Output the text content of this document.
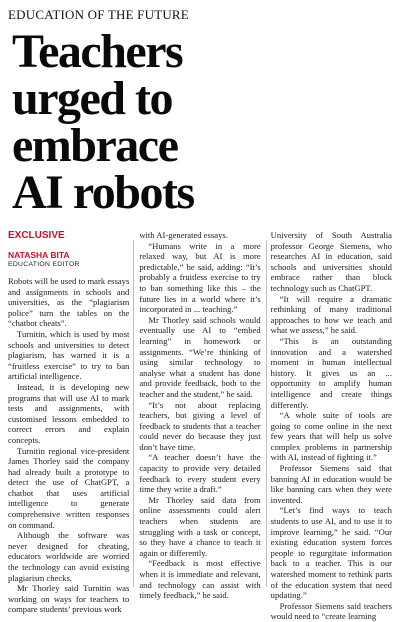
EDUCATION OF THE FUTURE
Teachers
urged to
embrace
AI robots
EXCLUSIVE
NATASHA BITA
EDUCATION EDITOR

Robots will be used to mark essays and assignments in schools and universities, as the “plagiarism police” turn the tables on the “chatbot cheats”.

Turnitin, which is used by most schools and universities to detect plagiarism, has warned it is a “fruitless exercise” to try to ban artificial intelligence.

Instead, it is developing new programs that will use AI to mark tests and assignments, with customised lessons embedded to correct errors and explain concepts.

Turnitin regional vice-president James Thorley said the company had already built a prototype to detect the use of ChatGPT, a chatbot that uses artificial intelligence to generate comprehensive written responses on command.

Although the software was never designed for cheating, educators worldwide are worried the technology can avoid existing plagiarism checks.

Mr Thorley said Turnitin was working on ways for teachers to compare students’ previous work

with AI-generated essays.

“Humans write in a more relaxed way, but AI is more predictable,” he said, adding: “It’s probably a fruitless exercise to try to ban something like this – the future lies in a world where it’s incorporated in ... teaching.”

Mr Thorley said schools would eventually use AI to “embed learning” in homework or assignments. “We’re thinking of using similar technology to analyse what a student has done and provide feedback, both to the teacher and the student,” he said.

“It’s not about replacing teachers, but giving a level of feedback to students that a teacher could never do because they just don’t have time.

“A teacher doesn’t have the capacity to provide very detailed feedback to every student every time they write a draft.”

Mr Thorley said data from online assessments could alert teachers when students are struggling with a task or concept, so they have a chance to teach it again or differently.

“Feedback is most effective when it is immediate and relevant, and technology can assist with timely feedback,” he said.

University of South Australia professor George Siemens, who researches AI in education, said schools and universities should embrace rather than block technology such as ChatGPT.

“It will require a dramatic rethinking of many traditional approaches to how we teach and what we assess,” he said.

“This is an outstanding innovation and a watershed moment in human intellectual history. It gives us an ... opportunity to amplify human intelligence and create things differently.

“A whole suite of tools are going to come online in the next few years that will help us solve complex problems in partnership with AI, instead of fighting it.”

Professor Siemens said that banning AI in education would be like banning cars when they were invented.

“Let’s find ways to teach students to use AI, and to use it to improve learning,” he said. “Our existing education system forces people to regurgitate information back to a teacher. This is our watershed moment to rethink parts of the education system that need updating.”

Professor Siemens said teachers would need to “create learning
